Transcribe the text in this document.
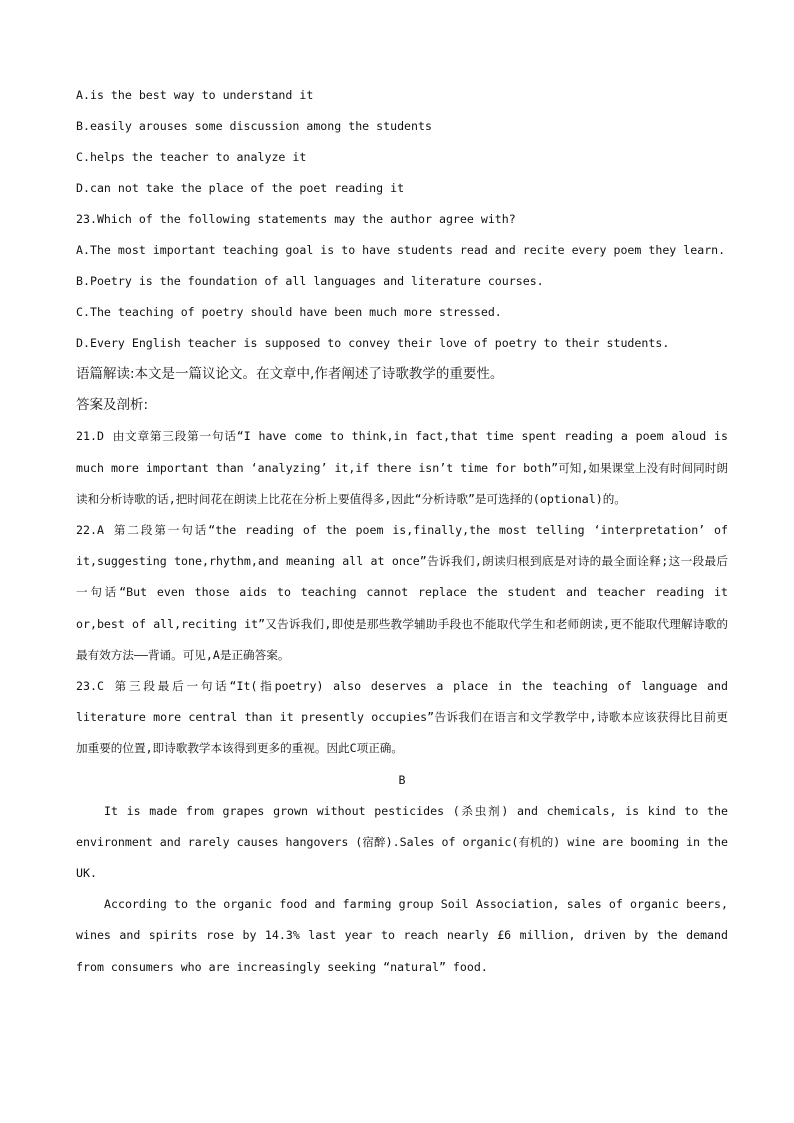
A.is the best way to understand it

B.easily arouses some discussion among the students

C.helps the teacher to analyze it

D.can not take the place of the poet reading it

23.Which of the following statements may the author agree with?

A.The most important teaching goal is to have students read and recite every poem they learn.

B.Poetry is the foundation of all languages and literature courses.

C.The teaching of poetry should have been much more stressed.

D.Every English teacher is supposed to convey their love of poetry to their students.

语篇解读:本文是一篇议论文。在文章中,作者阐述了诗歌教学的重要性。

答案及剖析:

21.D 由文章第三段第一句话“I have come to think,in fact,that time spent reading a poem aloud is much more important than ‘analyzing’ it,if there isn’t time for both”可知,如果课堂上没有时间同时朗读和分析诗歌的话,把时间花在朗读上比花在分析上要值得多,因此“分析诗歌”是可选择的(optional)的。

22.A 第二段第一句话“the reading of the poem is,finally,the most telling ‘interpretation’ of it,suggesting tone,rhythm,and meaning all at once”告诉我们,朗读归根到底是对诗的最全面诠释;这一段最后一句话“But even those aids to teaching cannot replace the student and teacher reading it or,best of all,reciting it”又告诉我们,即使是那些教学辅助手段也不能取代学生和老师朗读,更不能取代理解诗歌的最有效方法——背诵。可见,A是正确答案。

23.C 第三段最后一句话“It(指poetry) also deserves a place in the teaching of language and literature more central than it presently occupies”告诉我们在语言和文学教学中,诗歌本应该获得比目前更加重要的位置,即诗歌教学本该得到更多的重视。因此C项正确。

B

It is made from grapes grown without pesticides (杀虫剂) and chemicals, is kind to the environment and rarely causes hangovers (宿醉).Sales of organic(有机的) wine are booming in the UK.

According to the organic food and farming group Soil Association, sales of organic beers, wines and spirits rose by 14.3% last year to reach nearly £6 million, driven by the demand from consumers who are increasingly seeking “natural” food.
